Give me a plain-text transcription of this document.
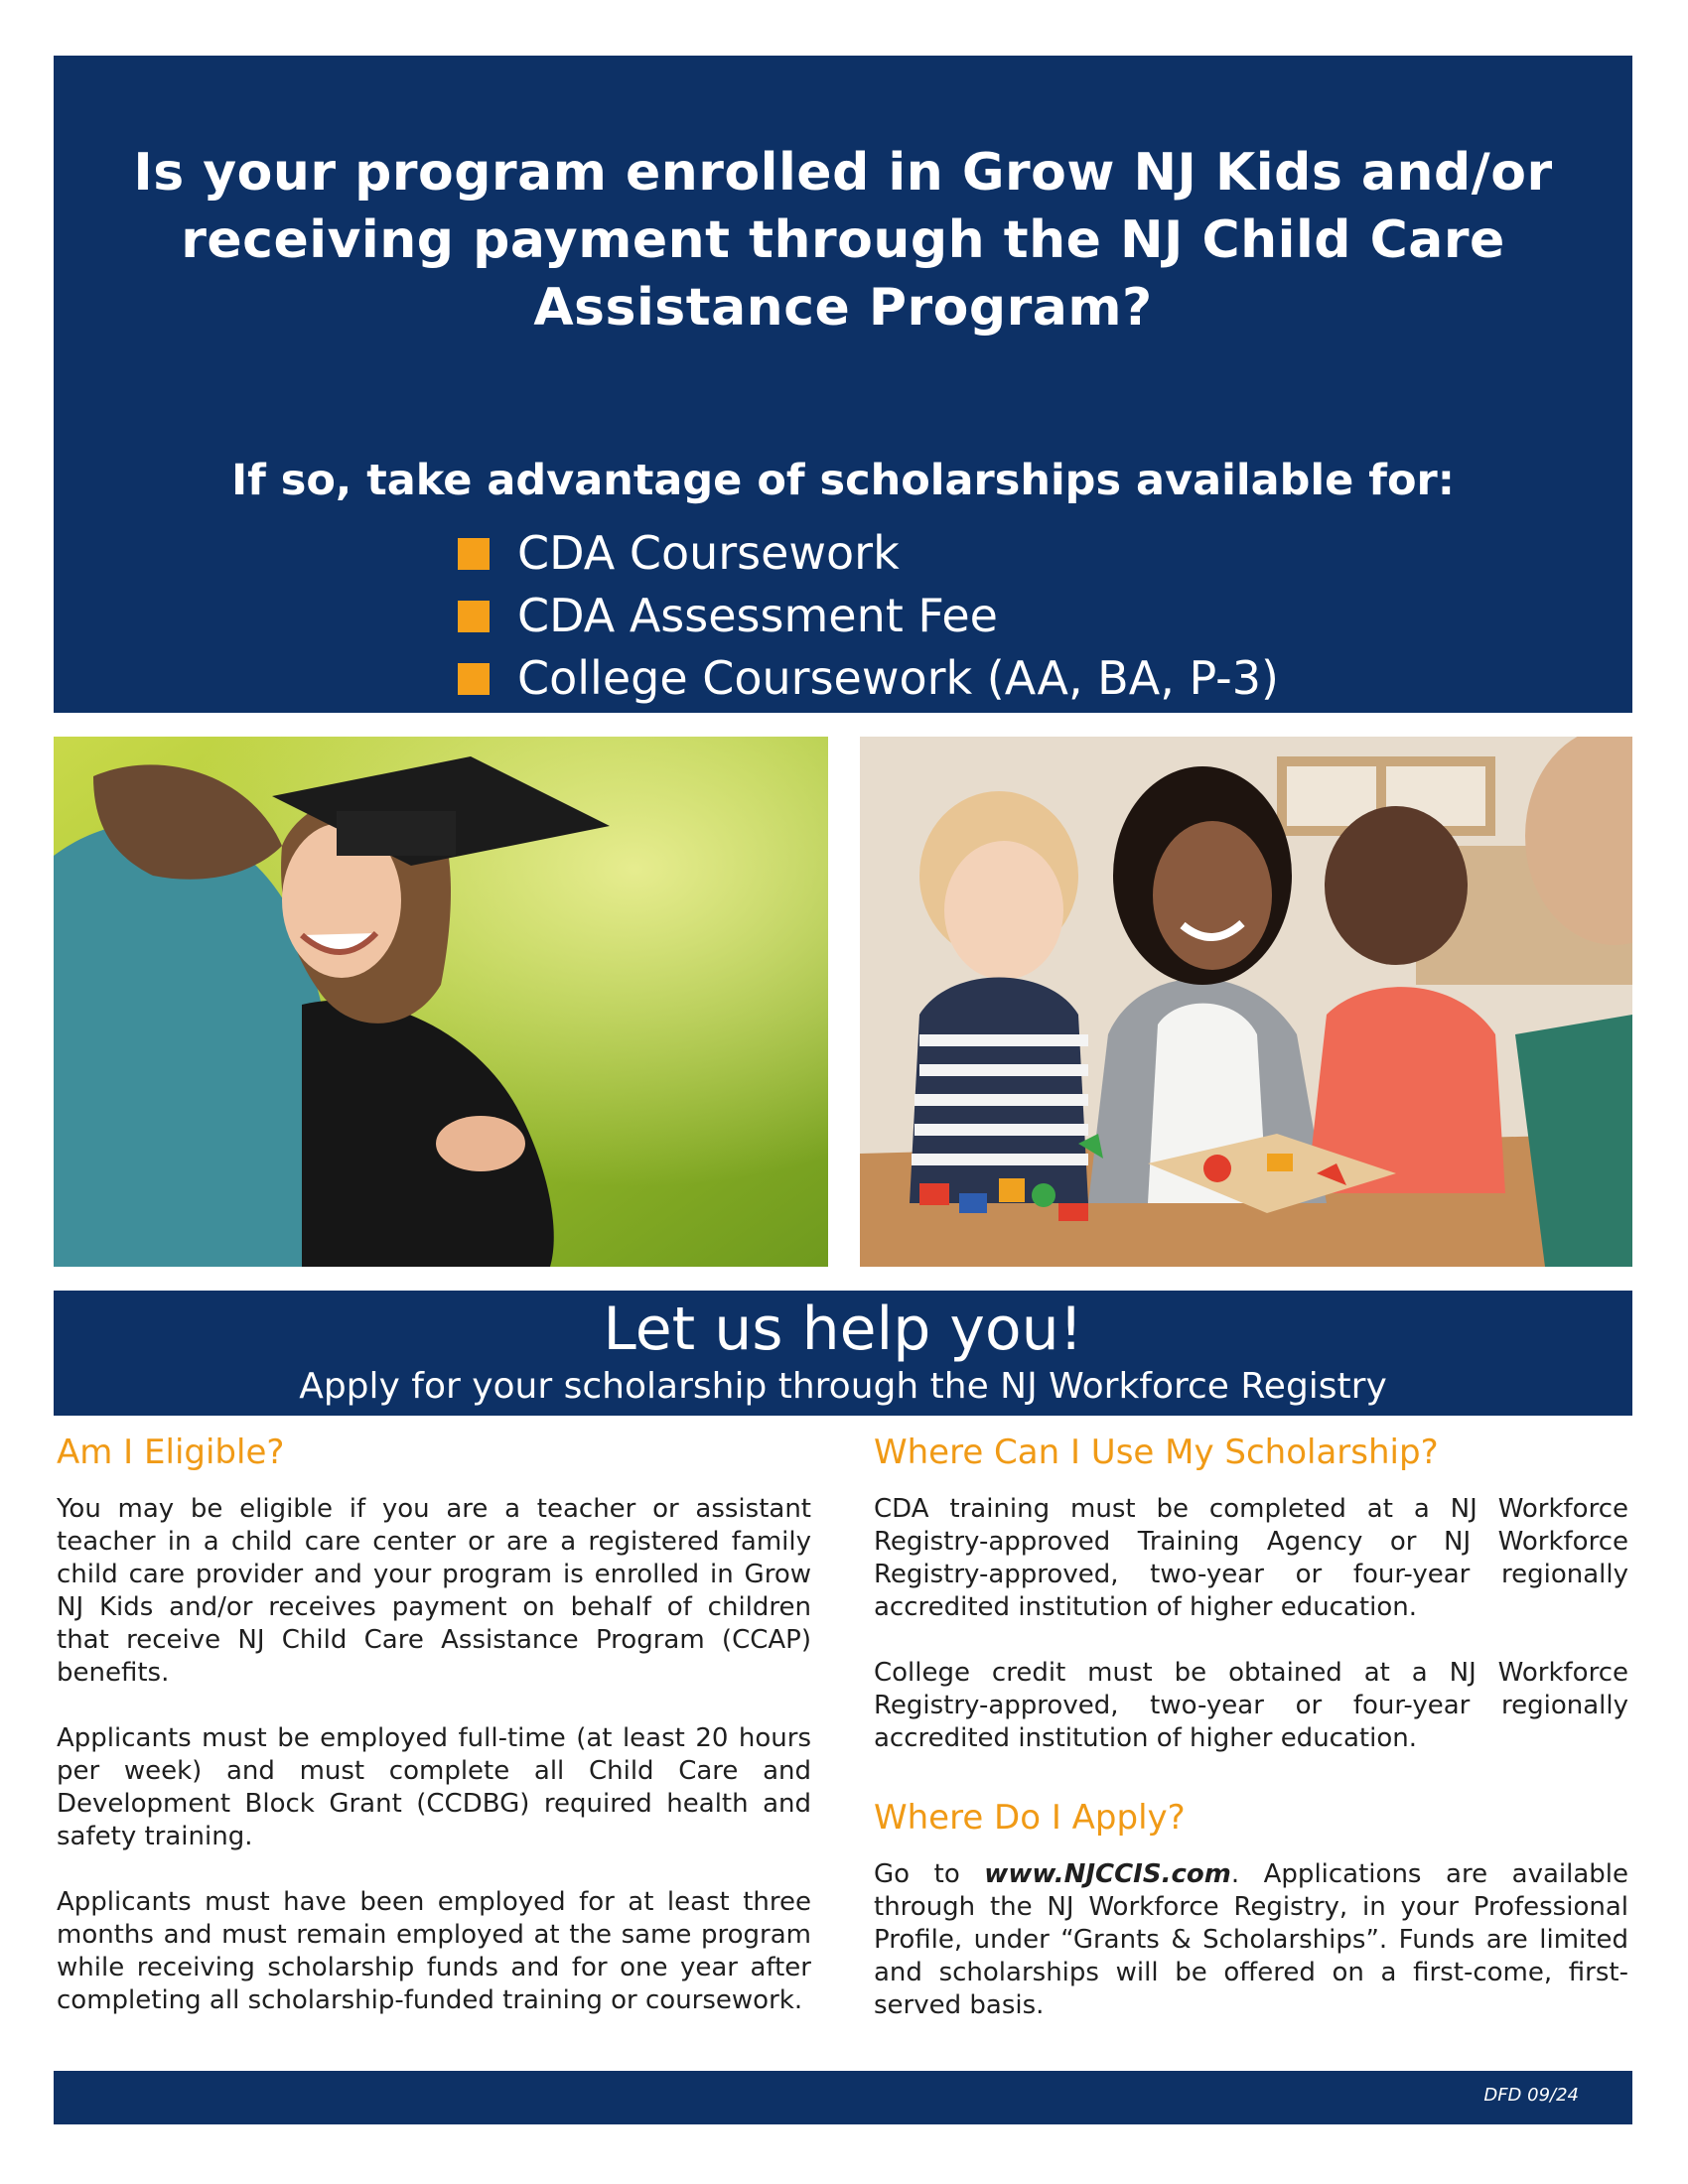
Is your program enrolled in Grow NJ Kids and/or receiving payment through the NJ Child Care Assistance Program?
If so, take advantage of scholarships available for:
CDA Coursework
CDA Assessment Fee
College Coursework (AA, BA, P-3)
Let us help you!
Apply for your scholarship through the NJ Workforce Registry
Am I Eligible?

You may be eligible if you are a teacher or assistant teacher in a child care center or are a registered family child care provider and your program is enrolled in Grow NJ Kids and/or receives payment on behalf of children that receive NJ Child Care Assistance Program (CCAP) benefits.

Applicants must be employed full-time (at least 20 hours per week) and must complete all Child Care and Development Block Grant (CCDBG) required health and safety training.

Applicants must have been employed for at least three months and must remain employed at the same program while receiving scholarship funds and for one year after completing all scholarship-funded training or coursework.

Where Can I Use My Scholarship?

CDA training must be completed at a NJ Workforce Registry-approved Training Agency or NJ Workforce Registry-approved, two-year or four-year regionally accredited institution of higher education.

College credit must be obtained at a NJ Workforce Registry-approved, two-year or four-year regionally accredited institution of higher education.

Where Do I Apply?

Go to www.NJCCIS.com. Applications are available through the NJ Workforce Registry, in your Professional Profile, under “Grants & Scholarships”. Funds are limited and scholarships will be offered on a first-come, first-served basis.

DFD 09/24
